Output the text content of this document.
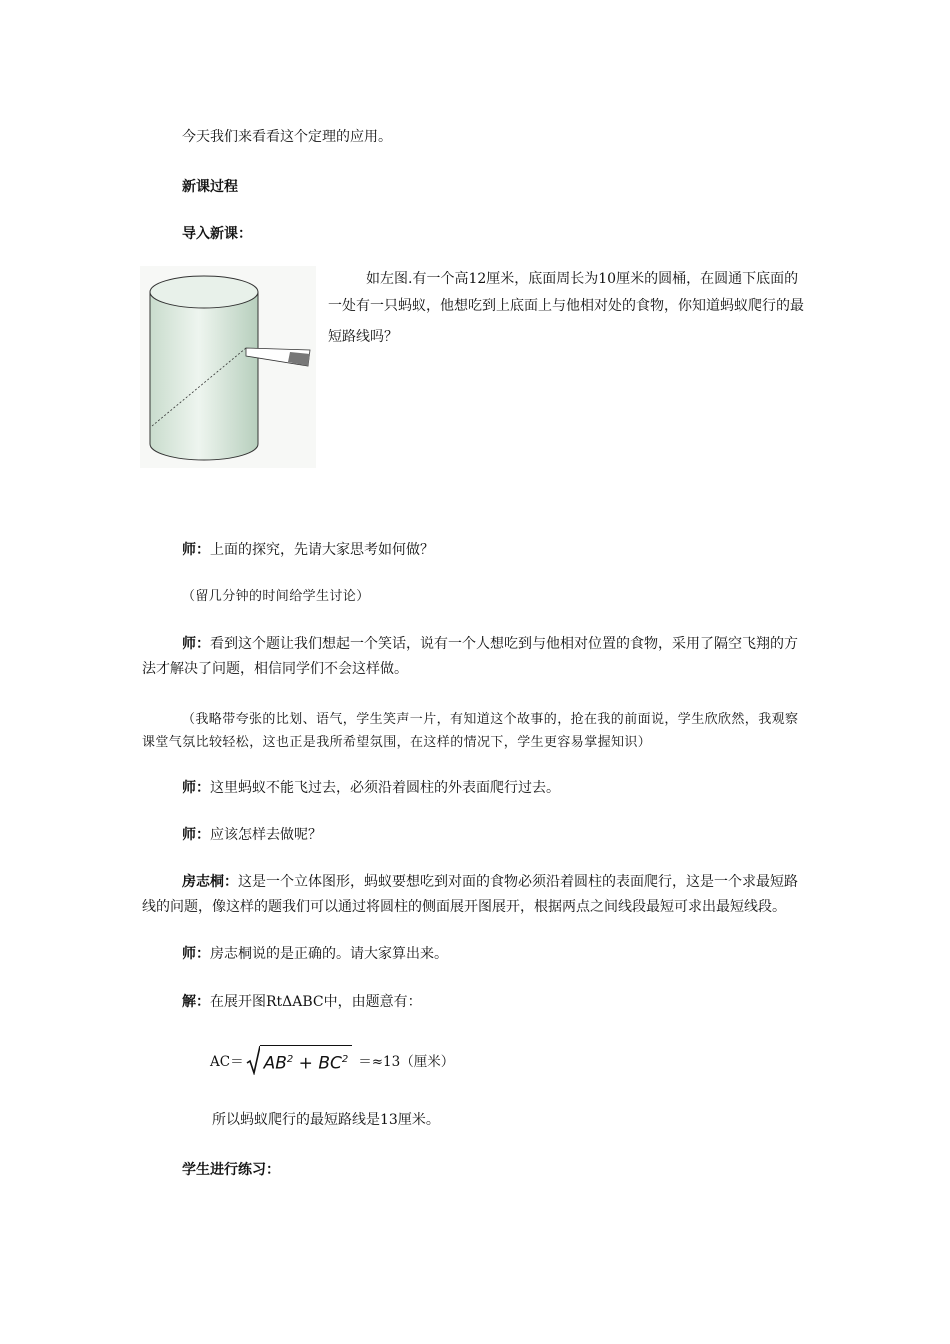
今天我们来看看这个定理的应用。
新课过程
导入新课：
如左图.有一个高12厘米，底面周长为10厘米的圆桶，在圆通下底面的
一处有一只蚂蚁，他想吃到上底面上与他相对处的食物，你知道蚂蚁爬行的最
短路线吗？
师：上面的探究，先请大家思考如何做？
（留几分钟的时间给学生讨论）
师：看到这个题让我们想起一个笑话，说有一个人想吃到与他相对位置的食物，采用了隔空飞翔的方
法才解决了问题，相信同学们不会这样做。
（我略带夸张的比划、语气，学生笑声一片，有知道这个故事的，抢在我的前面说，学生欣欣然，我观察
课堂气氛比较轻松，这也正是我所希望氛围，在这样的情况下，学生更容易掌握知识）
师：这里蚂蚁不能飞过去，必须沿着圆柱的外表面爬行过去。
师：应该怎样去做呢？
房志桐：这是一个立体图形，蚂蚁要想吃到对面的食物必须沿着圆柱的表面爬行，这是一个求最短路
线的问题，像这样的题我们可以通过将圆柱的侧面展开图展开，根据两点之间线段最短可求出最短线段。
师：房志桐说的是正确的。请大家算出来。
解：在展开图RtΔABC中，由题意有：
$AC= AB^2 + BC^2 =\approx 13$（厘米）
所以蚂蚁爬行的最短路线是13厘米。
学生进行练习：
